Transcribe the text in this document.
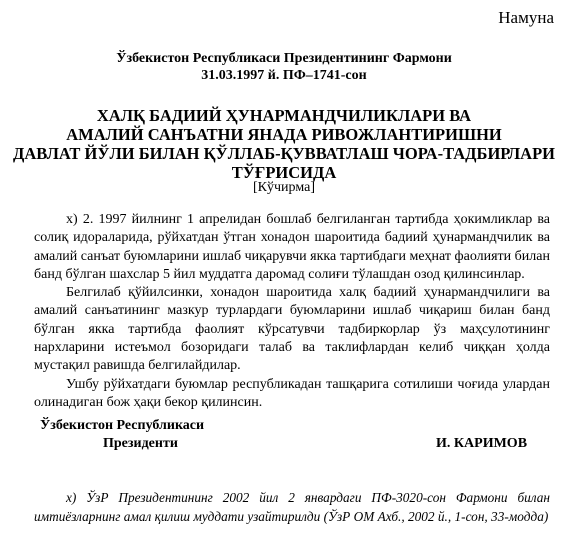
Намуна
Ўзбекистон Республикаси Президентининг Фармони
31.03.1997 й. ПФ–1741-сон
ХАЛҚ БАДИИЙ ҲУНАРМАНДЧИЛИКЛАРИ ВА
АМАЛИЙ САНЪАТНИ ЯНАДА РИВОЖЛАНТИРИШНИ
ДАВЛАТ ЙЎЛИ БИЛАН ҚЎЛЛАБ-ҚУВВАТЛАШ ЧОРА-ТАДБИРЛАРИ
ТЎҒРИСИДА
[Кўчирма]

x) 2. 1997 йилнинг 1 апрелидан бошлаб белгиланган тартибда ҳокимликлар ва солиқ идораларида, рўйхатдан ўтган хонадон шароитида бадиий ҳунармандчилик ва амалий санъат буюмларини ишлаб чиқарувчи якка тартибдаги меҳнат фаолияти билан банд бўлган шахслар 5 йил муддатга даромад солиғи тўлашдан озод қилинсинлар.

Белгилаб қўйилсинки, хонадон шароитида халқ бадиий ҳунармандчилиги ва амалий санъатининг мазкур турлардаги буюмларини ишлаб чиқариш билан банд бўлган якка тартибда фаолият кўрсатувчи тадбиркорлар ўз маҳсулотининг нархларини истеъмол бозоридаги талаб ва таклифлардан келиб чиққан ҳолда мустақил равишда белгилайдилар.

Ушбу рўйхатдаги буюмлар республикадан ташқарига сотилиши чоғида улардан олинадиган бож ҳақи бекор қилинсин.

Ўзбекистон Республикаси
Президенти	И. КАРИМОВ

x) ЎзР Президентининг 2002 йил 2 январдаги ПФ-3020-сон Фармони билан имтиёзларнинг амал қилиш муддати узайтирилди (ЎзР ОМ Ахб., 2002 й., 1-сон, 33-модда)
